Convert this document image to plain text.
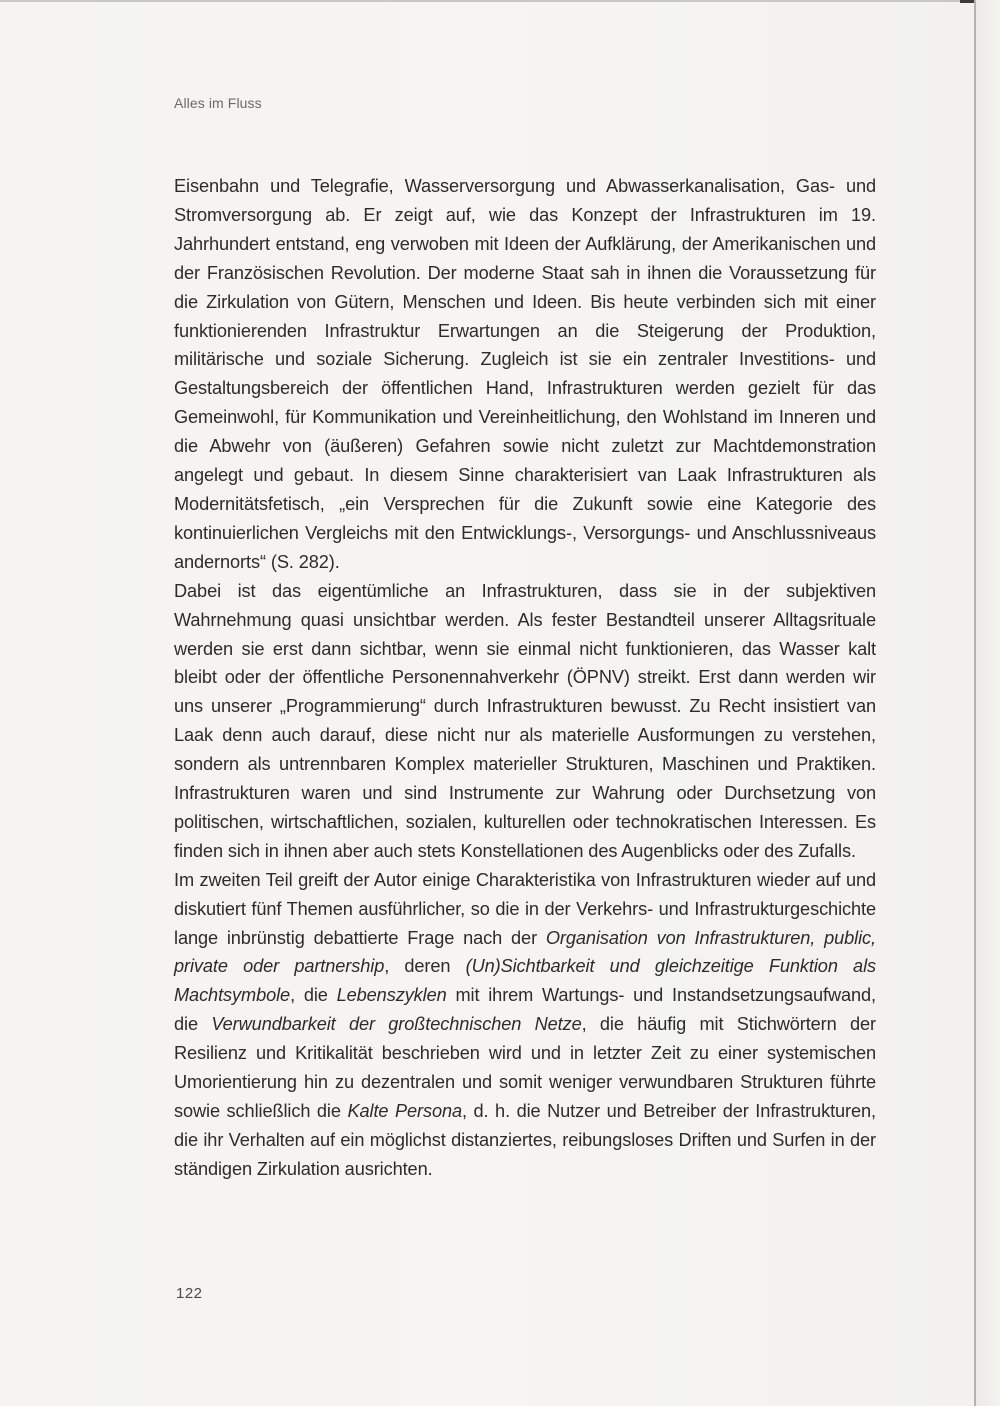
Alles im Fluss

Eisenbahn und Telegrafie, Wasserversorgung und Abwasserkanalisation, Gas- und Stromversorgung ab. Er zeigt auf, wie das Konzept der Infrastrukturen im 19. Jahrhundert entstand, eng verwoben mit Ideen der Aufklärung, der Amerikanischen und der Französischen Revolution. Der moderne Staat sah in ihnen die Voraussetzung für die Zirkulation von Gütern, Menschen und Ideen. Bis heute verbinden sich mit einer funktionierenden Infrastruktur Erwartungen an die Steigerung der Produktion, militärische und soziale Sicherung. Zugleich ist sie ein zentraler Investitions- und Gestaltungsbereich der öffentlichen Hand, Infrastrukturen werden gezielt für das Gemeinwohl, für Kommunikation und Vereinheitlichung, den Wohlstand im Inneren und die Abwehr von (äußeren) Gefahren sowie nicht zuletzt zur Machtdemonstration angelegt und gebaut. In diesem Sinne charakterisiert van Laak Infrastrukturen als Modernitätsfetisch, „ein Versprechen für die Zukunft sowie eine Kategorie des kontinuierlichen Vergleichs mit den Entwicklungs-, Versorgungs- und Anschlussniveaus andernorts“ (S. 282).

Dabei ist das eigentümliche an Infrastrukturen, dass sie in der subjektiven Wahrnehmung quasi unsichtbar werden. Als fester Bestandteil unserer Alltagsrituale werden sie erst dann sichtbar, wenn sie einmal nicht funktionieren, das Wasser kalt bleibt oder der öffentliche Personennahverkehr (ÖPNV) streikt. Erst dann werden wir uns unserer „Programmierung“ durch Infrastrukturen bewusst. Zu Recht insistiert van Laak denn auch darauf, diese nicht nur als materielle Ausformungen zu verstehen, sondern als untrennbaren Komplex materieller Strukturen, Maschinen und Praktiken. Infrastrukturen waren und sind Instrumente zur Wahrung oder Durchsetzung von politischen, wirtschaftlichen, sozialen, kulturellen oder technokratischen Interessen. Es finden sich in ihnen aber auch stets Konstellationen des Augenblicks oder des Zufalls.

Im zweiten Teil greift der Autor einige Charakteristika von Infrastrukturen wieder auf und diskutiert fünf Themen ausführlicher, so die in der Verkehrs- und Infrastrukturgeschichte lange inbrünstig debattierte Frage nach der Organisation von Infrastrukturen, public, private oder partnership, deren (Un)Sichtbarkeit und gleichzeitige Funktion als Machtsymbole, die Lebenszyklen mit ihrem Wartungs- und Instandsetzungsaufwand, die Verwundbarkeit der großtechnischen Netze, die häufig mit Stichwörtern der Resilienz und Kritikalität beschrieben wird und in letzter Zeit zu einer systemischen Umorientierung hin zu dezentralen und somit weniger verwundbaren Strukturen führte sowie schließlich die Kalte Persona, d. h. die Nutzer und Betreiber der Infrastrukturen, die ihr Verhalten auf ein möglichst distanziertes, reibungsloses Driften und Surfen in der ständigen Zirkulation ausrichten.

122
